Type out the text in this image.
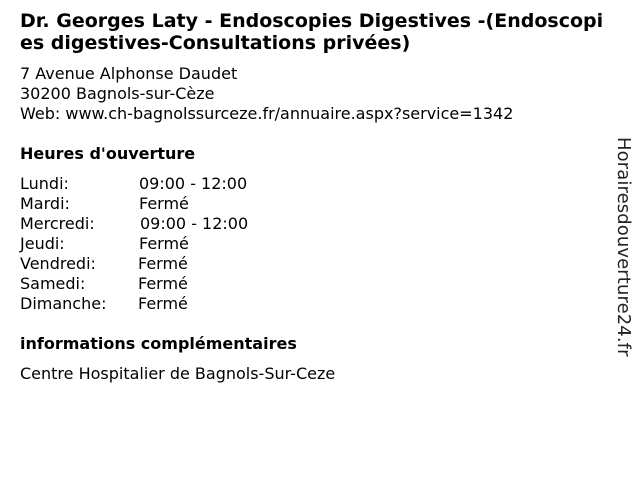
Dr. Georges Laty - Endoscopies Digestives -(Endoscopies digestives-Consultations privées)
7 Avenue Alphonse Daudet
30200 Bagnols-sur-Cèze
Web: www.ch-bagnolssurceze.fr/annuaire.aspx?service=1342
Heures d'ouverture
Lundi:	09:00 - 12:00
Mardi:	Fermé
Mercredi:	09:00 - 12:00
Jeudi:	Fermé
Vendredi:	Fermé
Samedi:	Fermé
Dimanche: Fermé
informations complémentaires
Centre Hospitalier de Bagnols-Sur-Ceze
Horairesdouverture24.fr
